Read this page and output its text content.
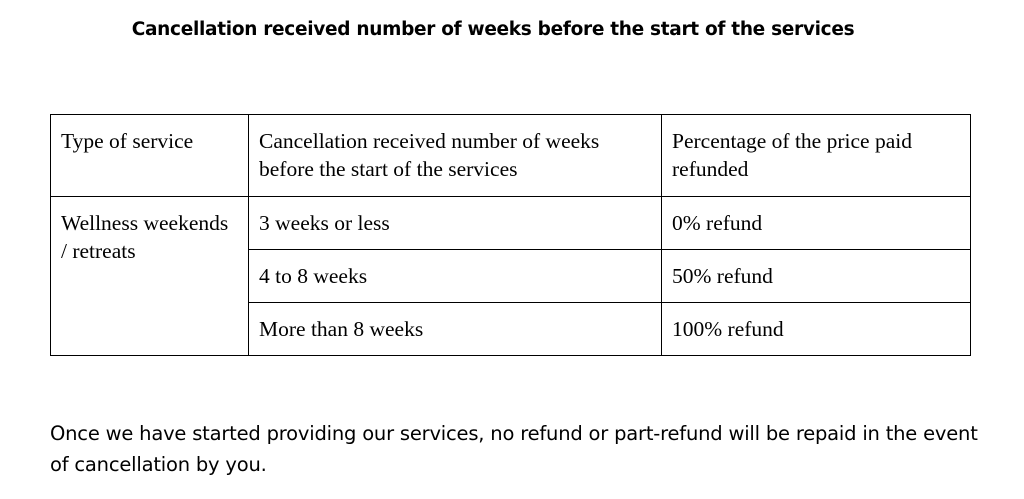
Cancellation received number of weeks before the start of the services
Type of service	Cancellation received number of weeks before the start of the services	Percentage of the price paid refunded
Wellness weekends / retreats	3 weeks or less	0% refund
	4 to 8 weeks	50% refund
	More than 8 weeks	100% refund
Once we have started providing our services, no refund or part-refund will be repaid in the event of cancellation by you.
